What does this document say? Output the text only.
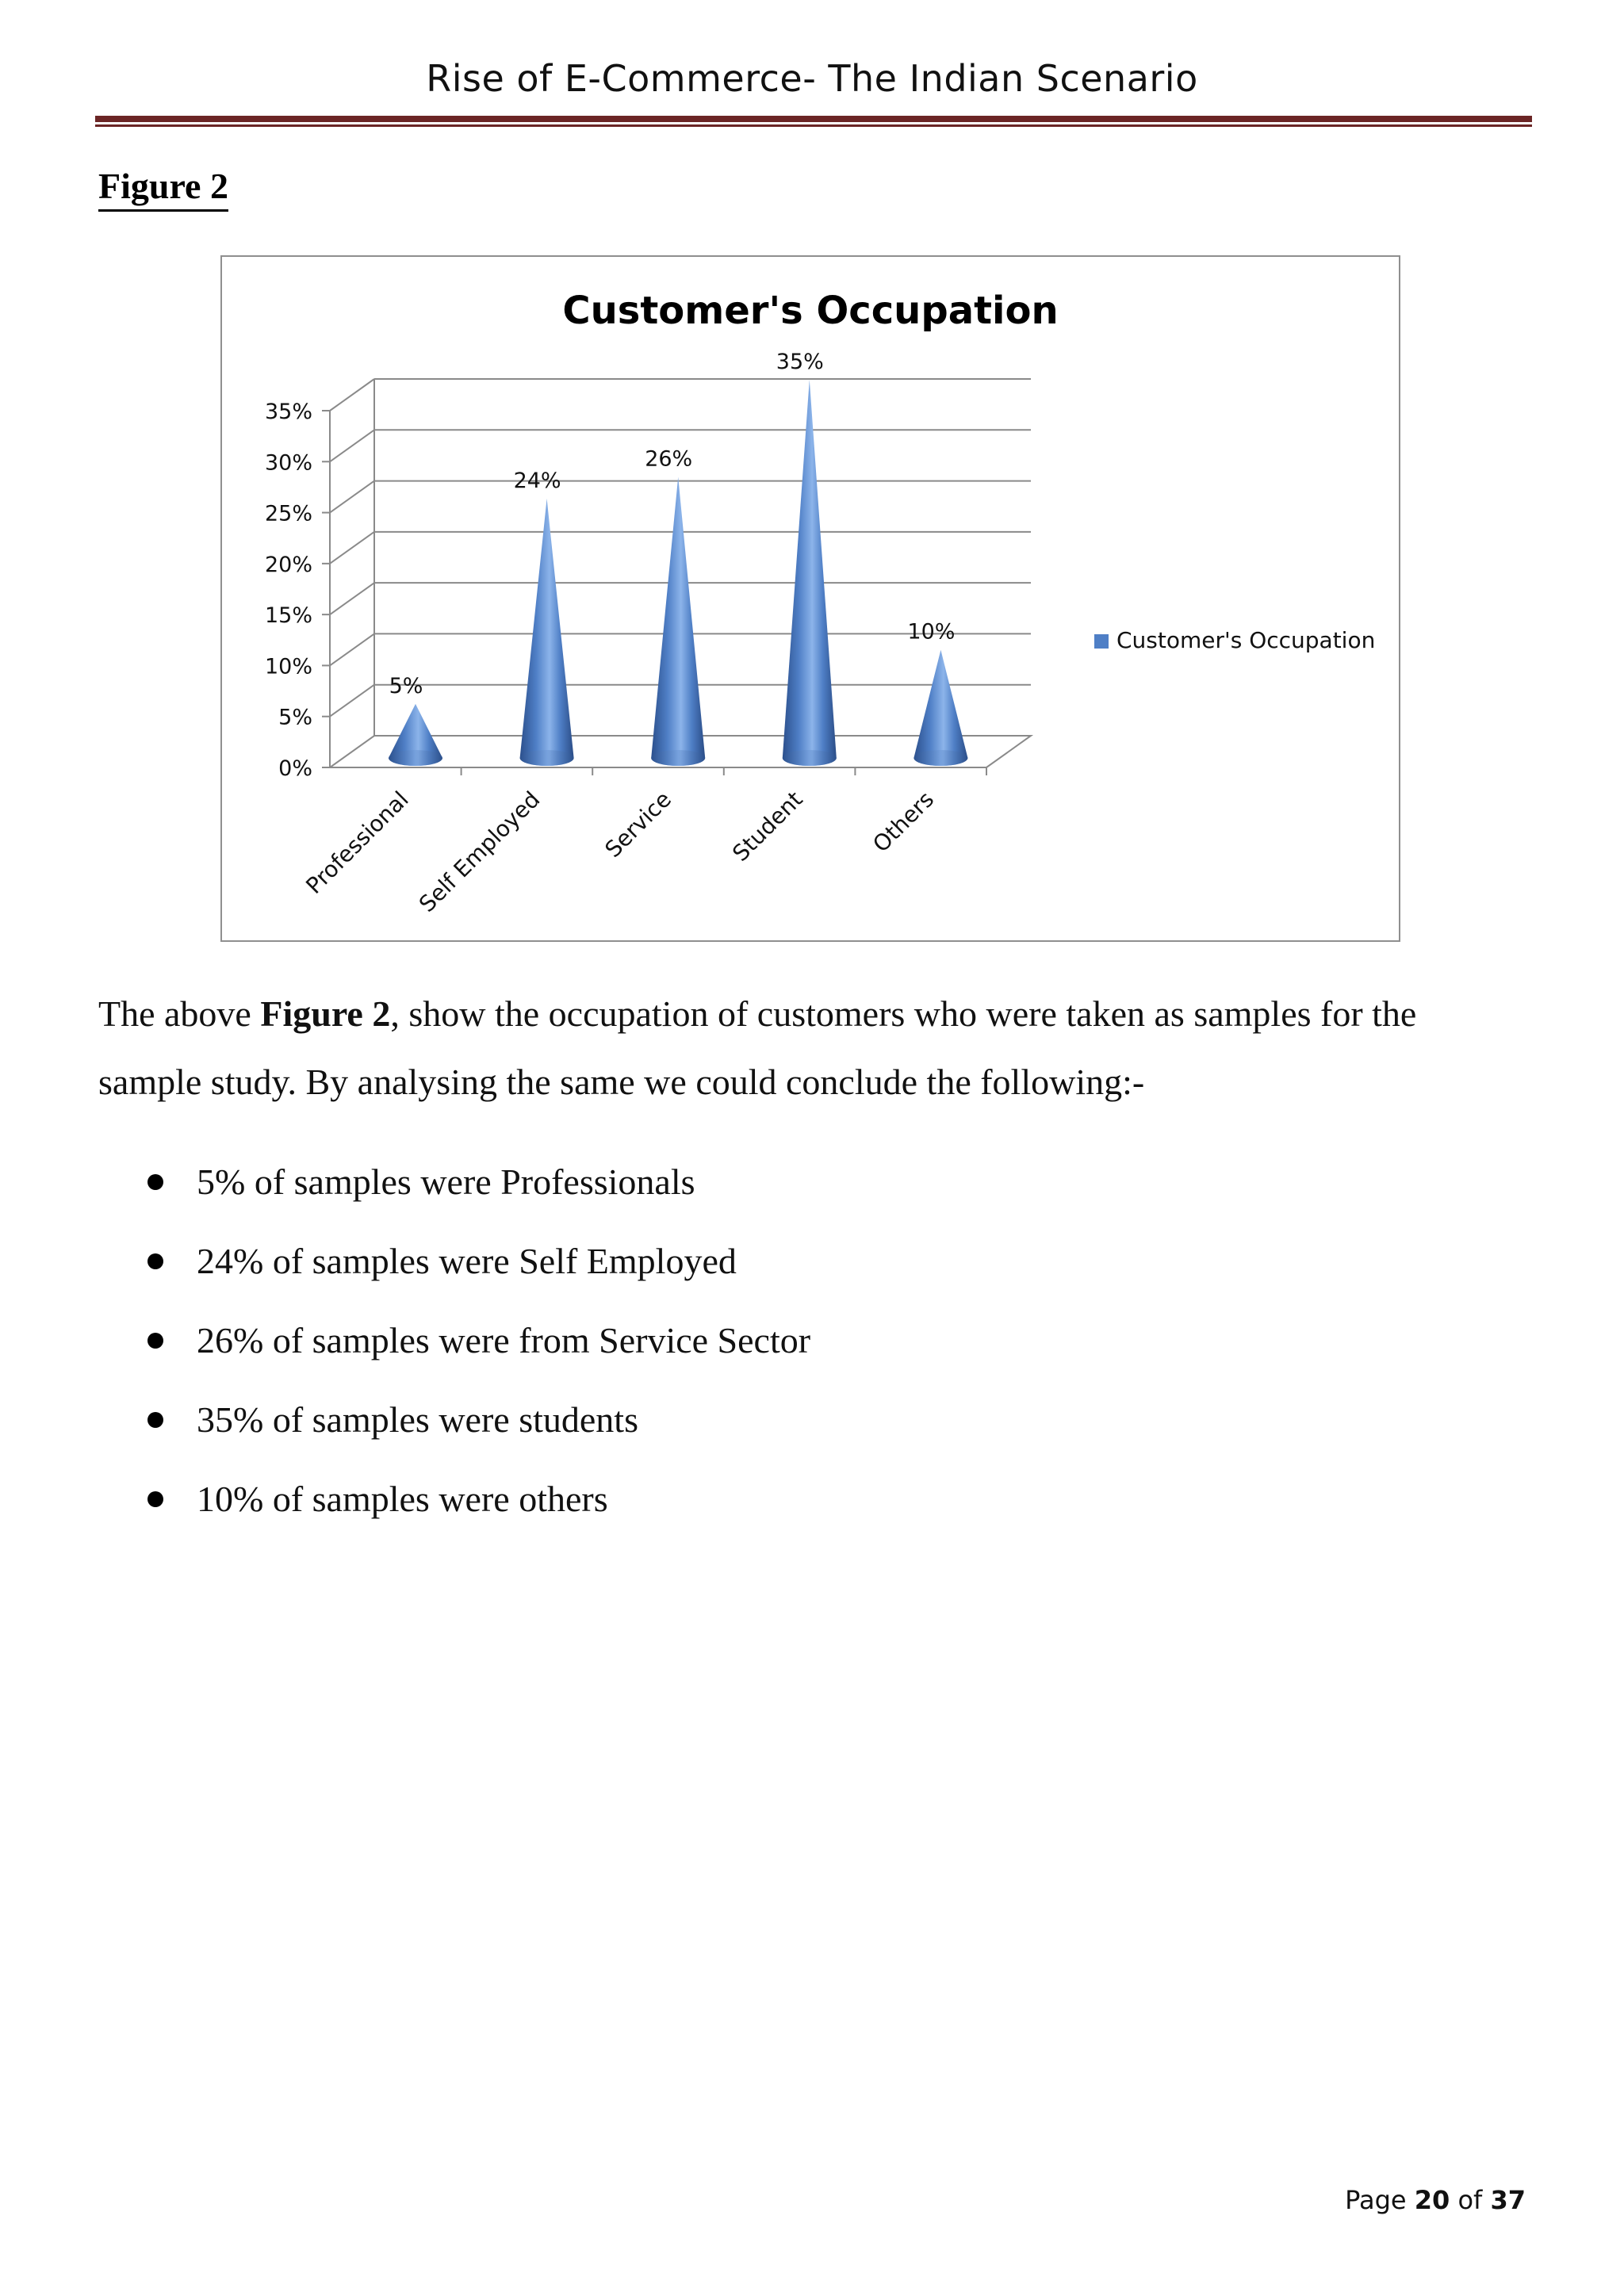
Rise of E-Commerce- The Indian Scenario
Figure 2
Customer's Occupation
0%
5%
10%
15%
20%
25%
30%
35%
5%
24%
26%
35%
10%
Professional Self Employed Service Student	Others
Customer's Occupation
The above Figure 2, show the occupation of customers who were taken as samples for the sample study. By analysing the same we could conclude the following:-
5% of samples were Professionals
24% of samples were Self Employed
26% of samples were from Service Sector
35% of samples were students
10% of samples were others
Page 20 of 37
